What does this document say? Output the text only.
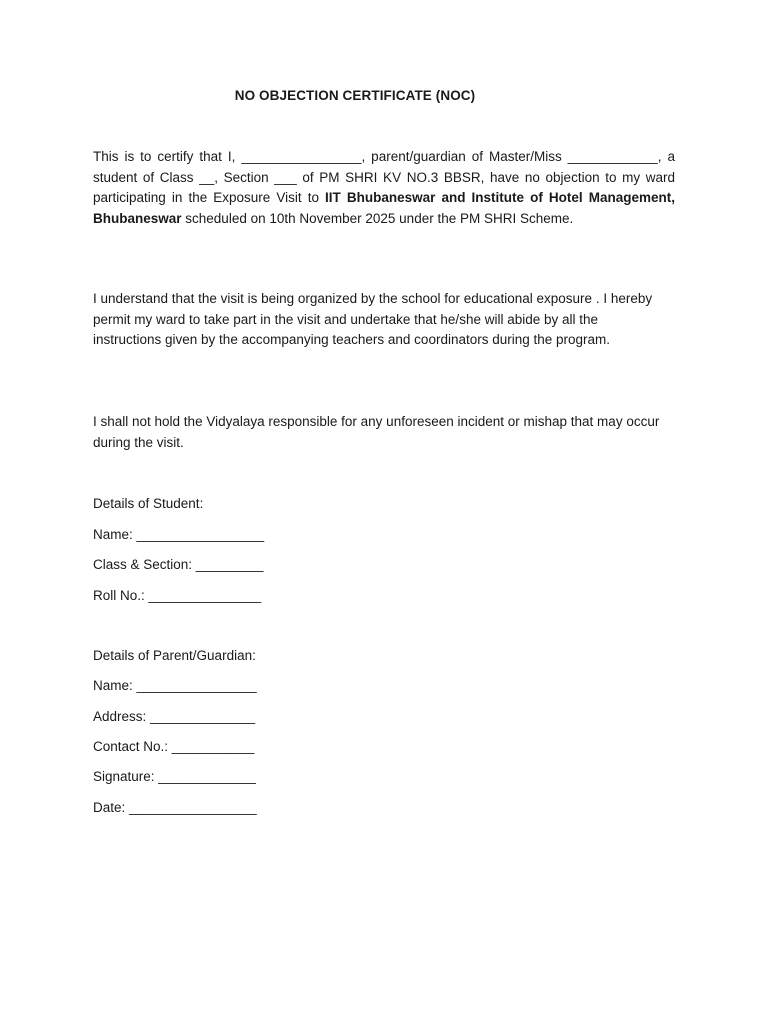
NO OBJECTION CERTIFICATE (NOC)

This is to certify that I, ________________, parent/guardian of Master/Miss ____________, a student of Class __, Section ___ of PM SHRI KV NO.3 BBSR, have no objection to my ward participating in the Exposure Visit to IIT Bhubaneswar and Institute of Hotel Management, Bhubaneswar scheduled on 10th November 2025 under the PM SHRI Scheme.

I understand that the visit is being organized by the school for educational exposure . I hereby permit my ward to take part in the visit and undertake that he/she will abide by all the instructions given by the accompanying teachers and coordinators during the program.

I shall not hold the Vidyalaya responsible for any unforeseen incident or mishap that may occur during the visit.

Details of Student:
Name: _________________
Class & Section: _________
Roll No.: _______________
Details of Parent/Guardian:
Name: ________________
Address: ______________
Contact No.: ___________
Signature: _____________
Date: _________________
